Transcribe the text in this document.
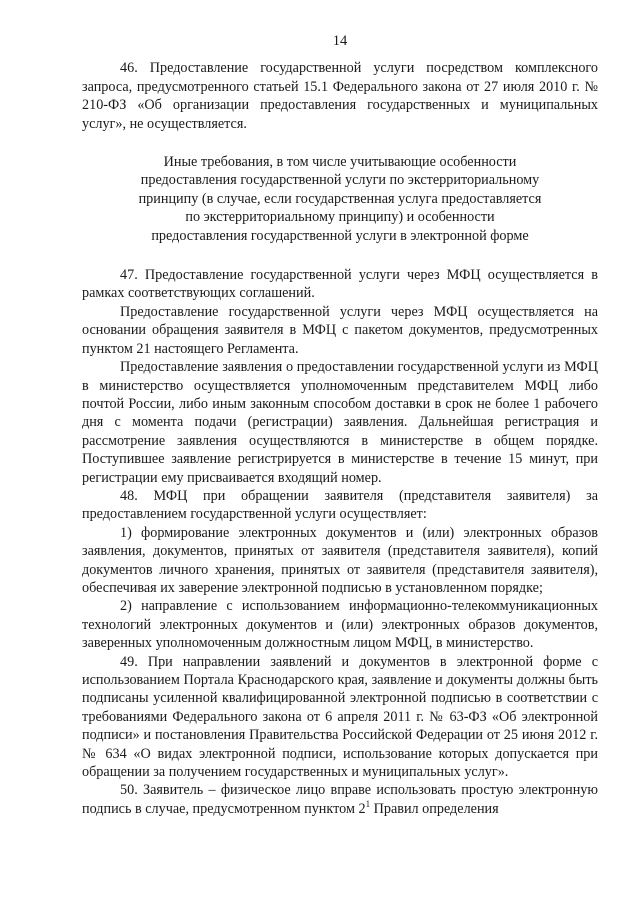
14

46. Предоставление государственной услуги посредством комплексного запроса, предусмотренного статьей 15.1 Федерального закона от 27 июля 2010 г. № 210-ФЗ «Об организации предоставления государственных и муниципальных услуг», не осуществляется.

Иные требования, в том числе учитывающие особенности
предоставления государственной услуги по экстерриториальному
принципу (в случае, если государственная услуга предоставляется
по экстерриториальному принципу) и особенности
предоставления государственной услуги в электронной форме

47. Предоставление государственной услуги через МФЦ осуществляется в рамках соответствующих соглашений.

Предоставление государственной услуги через МФЦ осуществляется на основании обращения заявителя в МФЦ с пакетом документов, предусмотренных пунктом 21 настоящего Регламента.

Предоставление заявления о предоставлении государственной услуги из МФЦ в министерство осуществляется уполномоченным представителем МФЦ либо почтой России, либо иным законным способом доставки в срок не более 1 рабочего дня с момента подачи (регистрации) заявления. Дальнейшая регистрация и рассмотрение заявления осуществляются в министерстве в общем порядке. Поступившее заявление регистрируется в министерстве в течение 15 минут, при регистрации ему присваивается входящий номер.

48. МФЦ при обращении заявителя (представителя заявителя) за предоставлением государственной услуги осуществляет:

1) формирование электронных документов и (или) электронных образов заявления, документов, принятых от заявителя (представителя заявителя), копий документов личного хранения, принятых от заявителя (представителя заявителя), обеспечивая их заверение электронной подписью в установленном порядке;

2) направление с использованием информационно-телекоммуникационных технологий электронных документов и (или) электронных образов документов, заверенных уполномоченным должностным лицом МФЦ, в министерство.

49. При направлении заявлений и документов в электронной форме с использованием Портала Краснодарского края, заявление и документы должны быть подписаны усиленной квалифицированной электронной подписью в соответствии с требованиями Федерального закона от 6 апреля 2011 г. № 63-ФЗ «Об электронной подписи» и постановления Правительства Российской Федерации от 25 июня 2012 г. № 634 «О видах электронной подписи, использование которых допускается при обращении за получением государственных и муниципальных услуг».

50. Заявитель – физическое лицо вправе использовать простую электронную подпись в случае, предусмотренном пунктом $2^1$ Правил определения
